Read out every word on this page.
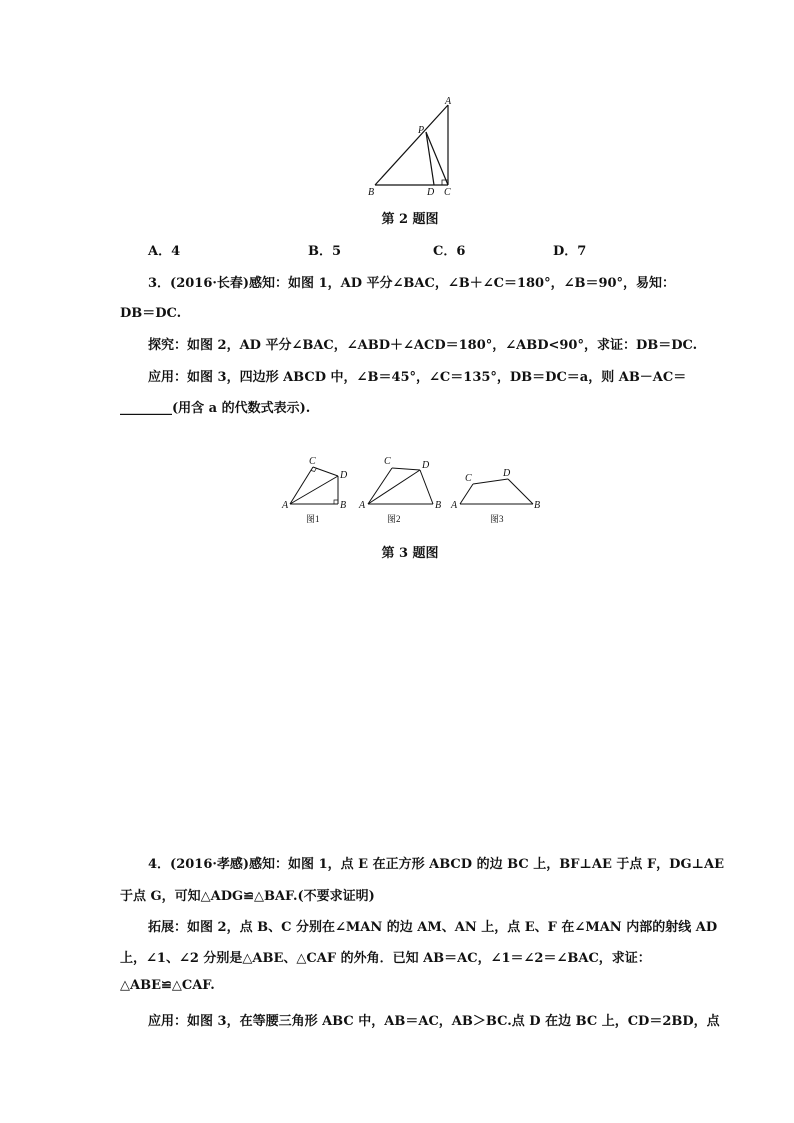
A
P
B	D C
第 2 题图
A．4	B．5	C．6	D．7
3．(2016·长春)感知：如图 1，AD 平分∠BAC，∠B＋∠C＝180°，∠B＝90°，易知：
DB＝DC.
探究：如图 2，AD 平分∠BAC，∠ABD＋∠ACD＝180°，∠ABD<90°，求证：DB＝DC.
应用：如图 3，四边形 ABCD 中，∠B＝45°，∠C＝135°，DB＝DC＝a，则 AB－AC＝
________(用含 a 的代数式表示).
A	B
C
D
图1
A	B
C	D
图2
A	B
C	D
图3
第 3 题图
4．(2016·孝感)感知：如图 1，点 E 在正方形 ABCD 的边 BC 上，BF⊥AE 于点 F，DG⊥AE
于点 G，可知△ADG≌△BAF.(不要求证明)
拓展：如图 2，点 B、C 分别在∠MAN 的边 AM、AN 上，点 E、F 在∠MAN 内部的射线 AD
上，∠1、∠2 分别是△ABE、△CAF 的外角．已知 AB＝AC，∠1＝∠2＝∠BAC，求证：
△ABE≌△CAF.
应用：如图 3，在等腰三角形 ABC 中，AB＝AC，AB＞BC.点 D 在边 BC 上，CD＝2BD，点
